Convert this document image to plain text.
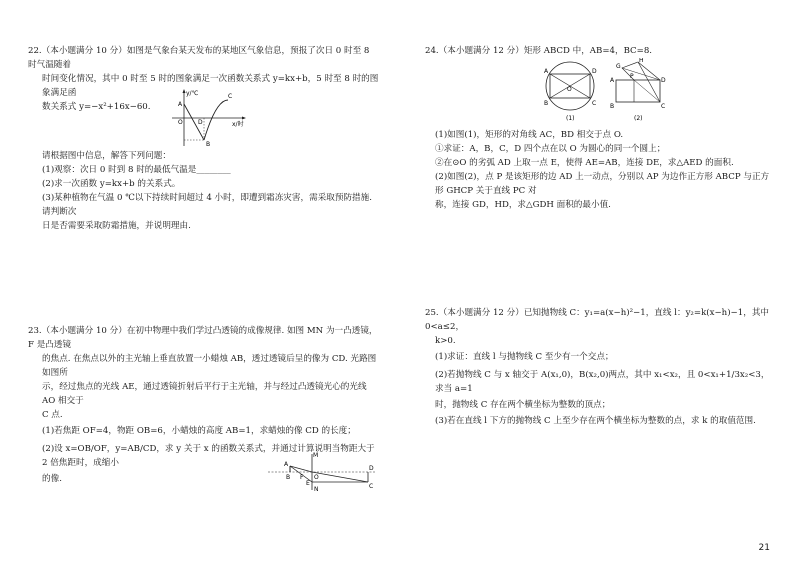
22.（本小题满分 10 分）如图是气象台某天发布的某地区气象信息，预报了次日 0 时至 8 时气温随着

时间变化情况，其中 0 时至 5 时的图象满足一次函数关系式 y=kx+b，5 时至 8 时的图象满足函

数关系式 y=−x²+16x−60.

y/℃
x/时
A
O	D
B
C

请根据图中信息，解答下列问题：

(1)观察：次日 0 时到 8 时的最低气温是________

(2)求一次函数 y=kx+b 的关系式。

(3)某种植物在气温 0 ℃以下持续时间超过 4 小时，即遭到霜冻灾害，需采取预防措施. 请判断次

日是否需要采取防霜措施，并说明理由.

23.（本小题满分 10 分）在初中物理中我们学过凸透镜的成像规律. 如图 MN 为一凸透镜，F 是凸透镜

的焦点. 在焦点以外的主光轴上垂直放置一小蜡烛 AB，透过透镜后呈的像为 CD. 光路图如图所

示，经过焦点的光线 AE，通过透镜折射后平行于主光轴，并与经过凸透镜光心的光线 AO 相交于

C 点.

(1)若焦距 OF=4，物距 OB=6，小蜡烛的高度 AB=1，求蜡烛的像 CD 的长度；

(2)设 x=OB/OF，y=AB/CD，求 y 关于 x 的函数关系式，并通过计算说明当物距大于 2 倍焦距时，成缩小

的像.

M
A
B F O
E
D
C
N

24.（本小题满分 12 分）矩形 ABCD 中，AB=4，BC=8.

A	D
O
B	C
(1)
G
A
P
D
H
B	C
(2)

(1)如图(1)，矩形的对角线 AC，BD 相交于点 O.

①求证：A，B，C，D 四个点在以 O 为圆心的同一个圆上；

②在⊙O 的劣弧 AD 上取一点 E，使得 AE=AB，连接 DE，求△AED 的面积.

(2)如图(2)，点 P 是该矩形的边 AD 上一动点，分别以 AP 为边作正方形 ABCP 与正方形 GHCP 关于直线 PC 对

称，连接 GD，HD，求△GDH 面积的最小值.

25.（本小题满分 12 分）已知抛物线 C：y₁=a(x−h)²−1，直线 l：y₂=k(x−h)−1，其中 0<a≤2，

k>0.

(1)求证：直线 l 与抛物线 C 至少有一个交点；

(2)若抛物线 C 与 x 轴交于 A(x₁,0)，B(x₂,0)两点，其中 x₁<x₂，且 0<x₁+1/3x₂<3，求当 a=1

时，抛物线 C 存在两个横坐标为整数的顶点；

(3)若在直线 l 下方的抛物线 C 上至少存在两个横坐标为整数的点，求 k 的取值范围.

21
